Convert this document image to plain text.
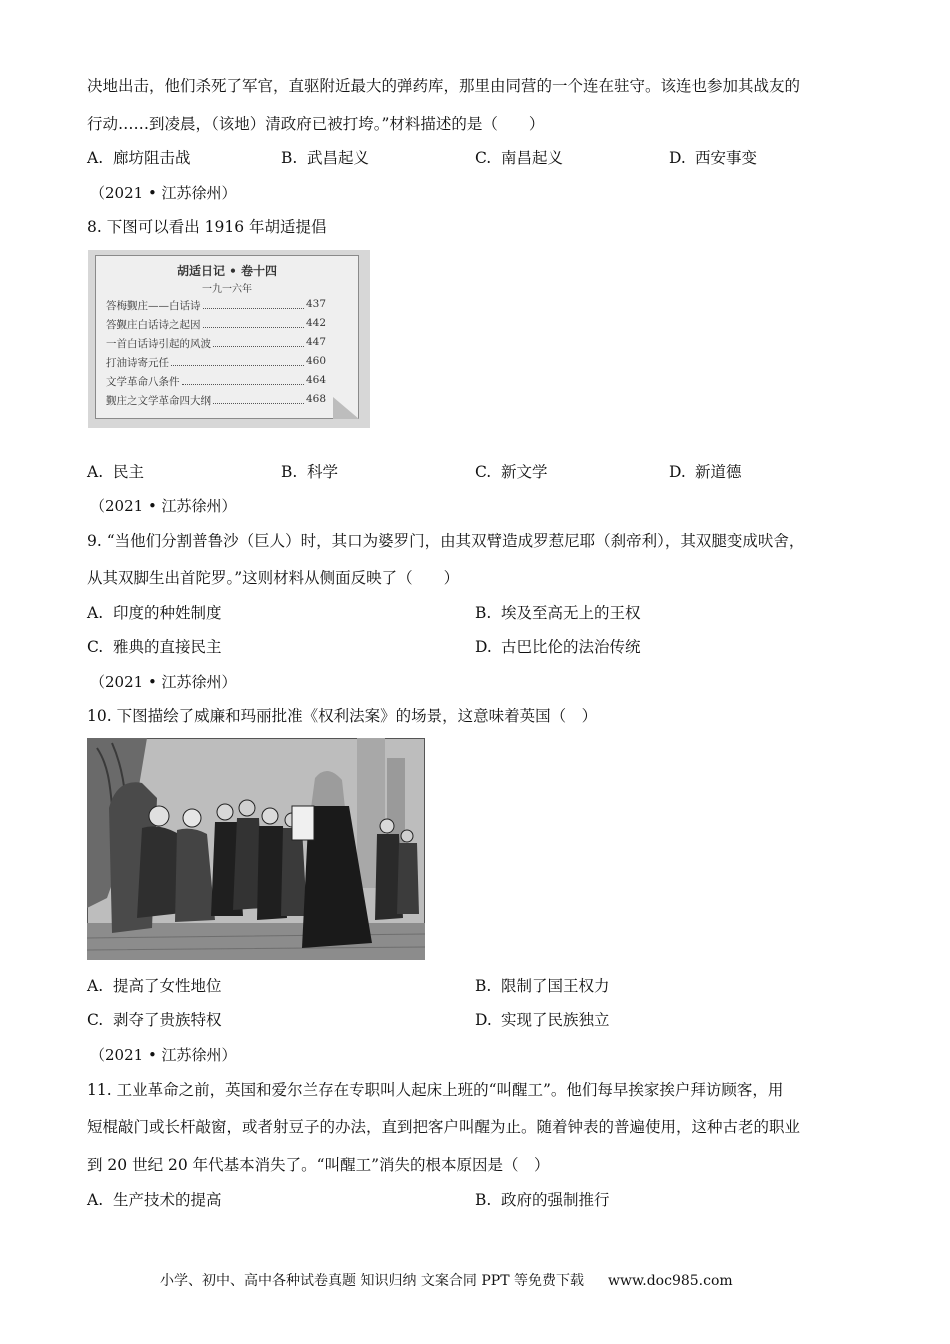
决地出击，他们杀死了军官，直驱附近最大的弹药库，那里由同营的一个连在驻守。该连也参加其战友的
行动……到凌晨，（该地）清政府已被打垮。”材料描述的是（　　）
A. 廊坊阻击战	B. 武昌起义	C. 南昌起义	D. 西安事变
（2021 • 江苏徐州）
8. 下图可以看出 1916 年胡适提倡
胡适日记 • 卷十四
一九一六年
答梅觐庄——白话诗	437
答觐庄白话诗之起因	442
一首白话诗引起的风波	447
打油诗寄元任	460
文学革命八条件	464
觐庄之文学革命四大纲	468
A. 民主	B. 科学	C. 新文学	D. 新道德
（2021 • 江苏徐州）
9. “当他们分割普鲁沙（巨人）时，其口为婆罗门，由其双臂造成罗惹尼耶（刹帝利），其双腿变成吠舍，
从其双脚生出首陀罗。”这则材料从侧面反映了（　　）
A. 印度的种姓制度	B. 埃及至高无上的王权
C. 雅典的直接民主	D. 古巴比伦的法治传统
（2021 • 江苏徐州）
10. 下图描绘了威廉和玛丽批准《权利法案》的场景，这意味着英国（　）
A. 提高了女性地位	B. 限制了国王权力
C. 剥夺了贵族特权	D. 实现了民族独立
（2021 • 江苏徐州）
11. 工业革命之前，英国和爱尔兰存在专职叫人起床上班的“叫醒工”。他们每早挨家挨户拜访顾客，用
短棍敲门或长杆敲窗，或者射豆子的办法，直到把客户叫醒为止。随着钟表的普遍使用，这种古老的职业
到 20 世纪 20 年代基本消失了。“叫醒工”消失的根本原因是（　）
A. 生产技术的提高	B. 政府的强制推行
小学、初中、高中各种试卷真题 知识归纳 文案合同 PPT 等免费下载 www.doc985.com
